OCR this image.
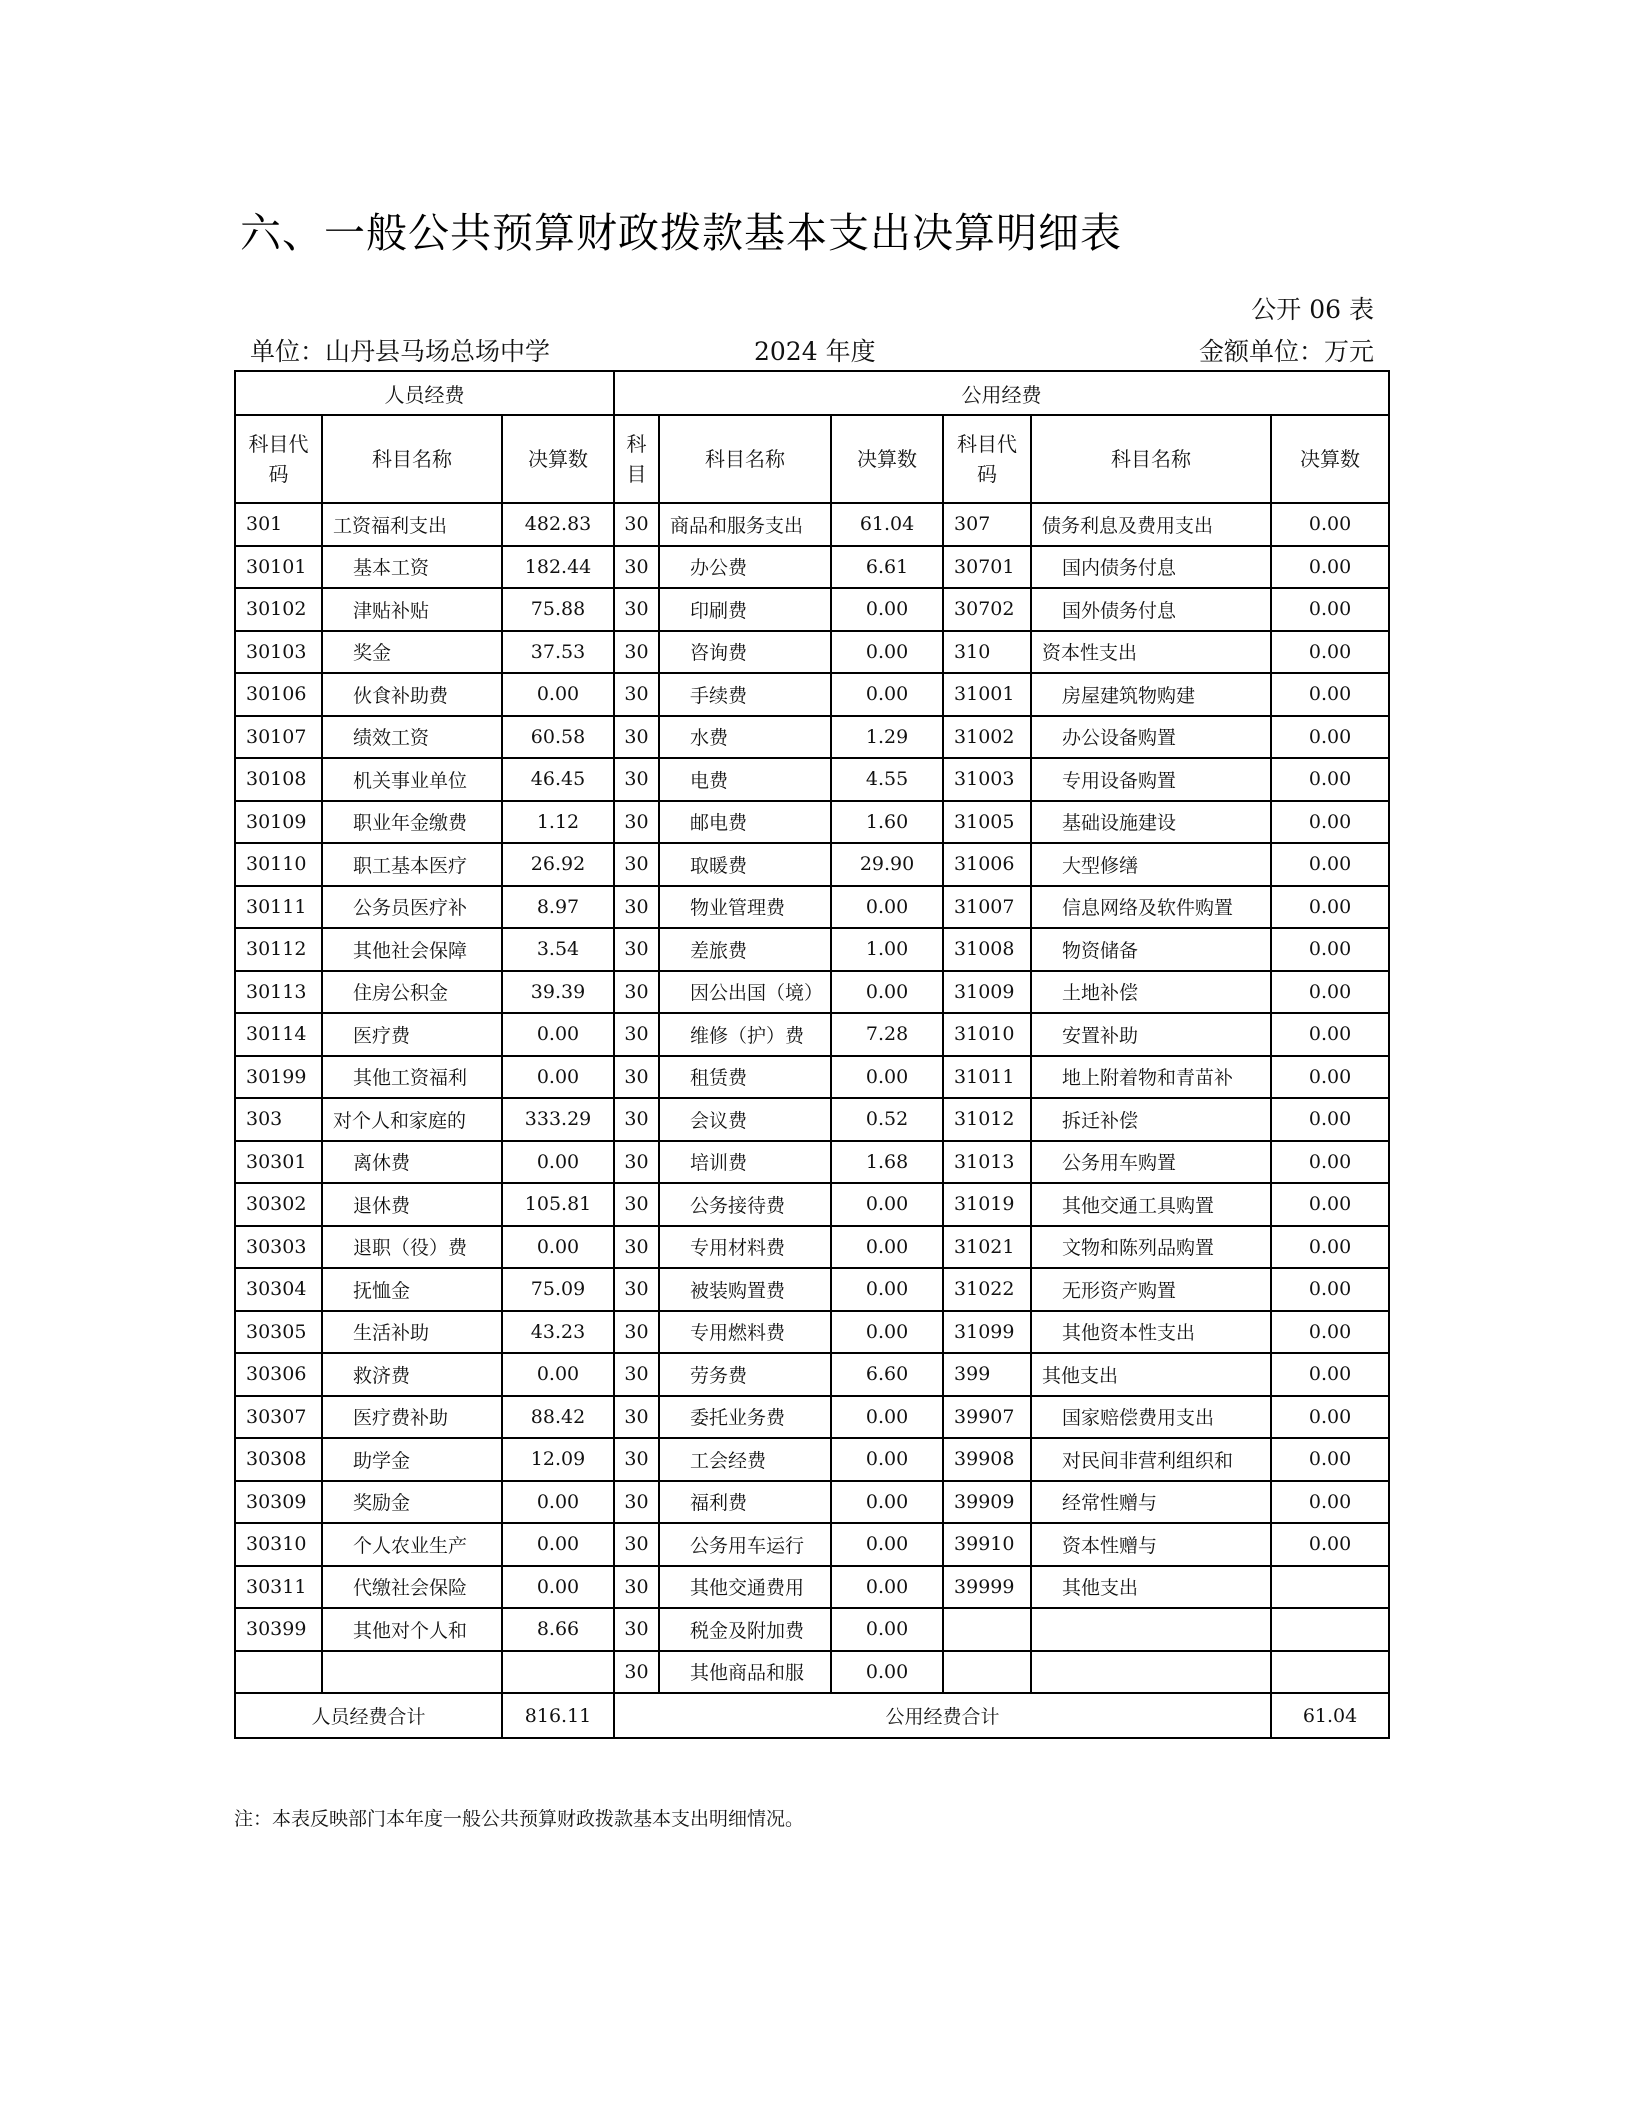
六、一般公共预算财政拨款基本支出决算明细表
公开 06 表
单位：山丹县马场总场中学	2024 年度	金额单位：万元
人员经费			公用经费					
科目代码	科目名称	决算数	科目	科目名称	决算数	科目代码	科目名称	决算数
301	工资福利支出	482.83	30	商品和服务支出	61.04	307	债务利息及费用支出	0.00
30101	基本工资	182.44	30	办公费	6.61	30701	国内债务付息	0.00
30102	津贴补贴	75.88	30	印刷费	0.00	30702	国外债务付息	0.00
30103	奖金	37.53	30	咨询费	0.00	310	资本性支出	0.00
30106	伙食补助费	0.00	30	手续费	0.00	31001	房屋建筑物购建	0.00
30107	绩效工资	60.58	30	水费	1.29	31002	办公设备购置	0.00
30108	机关事业单位	46.45	30	电费	4.55	31003	专用设备购置	0.00
30109	职业年金缴费	1.12	30	邮电费	1.60	31005	基础设施建设	0.00
30110	职工基本医疗	26.92	30	取暖费	29.90	31006	大型修缮	0.00
30111	公务员医疗补	8.97	30	物业管理费	0.00	31007	信息网络及软件购置	0.00
30112	其他社会保障	3.54	30	差旅费	1.00	31008	物资储备	0.00
30113	住房公积金	39.39	30	因公出国（境）	0.00	31009	土地补偿	0.00
30114	医疗费	0.00	30	维修（护）费	7.28	31010	安置补助	0.00
30199	其他工资福利	0.00	30	租赁费	0.00	31011	地上附着物和青苗补	0.00
303	对个人和家庭的	333.29	30	会议费	0.52	31012	拆迁补偿	0.00
30301	离休费	0.00	30	培训费	1.68	31013	公务用车购置	0.00
30302	退休费	105.81	30	公务接待费	0.00	31019	其他交通工具购置	0.00
30303	退职（役）费	0.00	30	专用材料费	0.00	31021	文物和陈列品购置	0.00
30304	抚恤金	75.09	30	被装购置费	0.00	31022	无形资产购置	0.00
30305	生活补助	43.23	30	专用燃料费	0.00	31099	其他资本性支出	0.00
30306	救济费	0.00	30	劳务费	6.60	399	其他支出	0.00
30307	医疗费补助	88.42	30	委托业务费	0.00	39907	国家赔偿费用支出	0.00
30308	助学金	12.09	30	工会经费	0.00	39908	对民间非营利组织和	0.00
30309	奖励金	0.00	30	福利费	0.00	39909	经常性赠与	0.00
30310	个人农业生产	0.00	30	公务用车运行	0.00	39910	资本性赠与	0.00
30311	代缴社会保险	0.00	30	其他交通费用	0.00	39999	其他支出	
30399	其他对个人和	8.66	30	税金及附加费	0.00			
			30	其他商品和服	0.00			
人员经费合计		816.11	公用经费合计					61.04
注：本表反映部门本年度一般公共预算财政拨款基本支出明细情况。
